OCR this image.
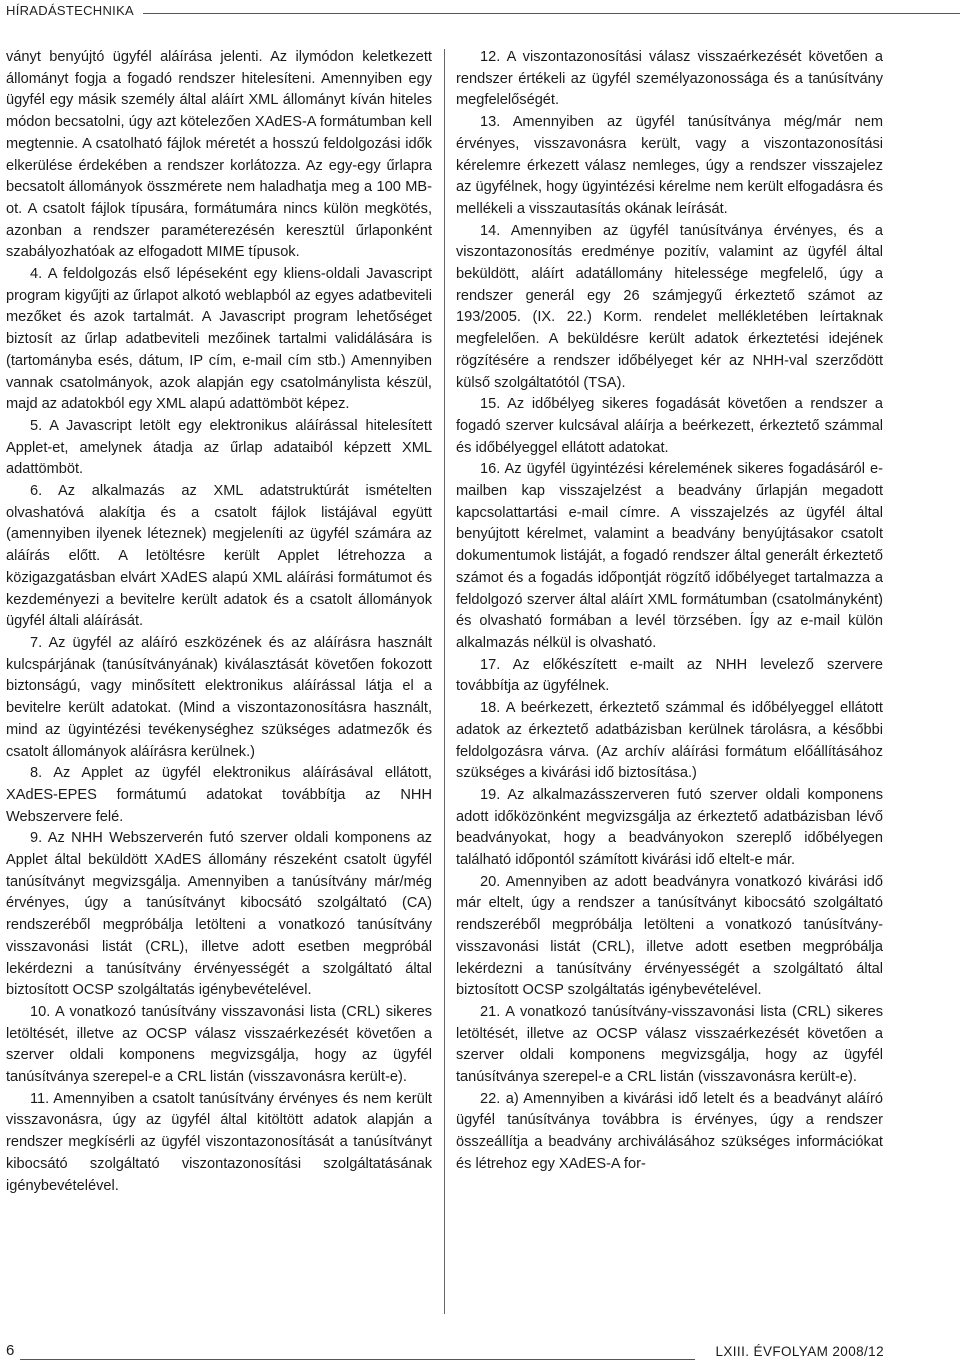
HÍRADÁSTECHNIKA

ványt benyújtó ügyfél aláírása jelenti. Az ilymódon keletkezett állományt fogja a fogadó rendszer hitelesíteni. Amennyiben egy ügyfél egy másik személy által aláírt XML állományt kíván hiteles módon becsatolni, úgy azt kötelezően XAdES-A formátumban kell megtennie. A csatolható fájlok méretét a hosszú feldolgozási idők elkerülése érdekében a rendszer korlátozza. Az egy-egy űrlapra becsatolt állományok összmérete nem haladhatja meg a 100 MB-ot. A csatolt fájlok típusára, formátumára nincs külön megkötés, azonban a rendszer paraméterezésén keresztül űrlaponként szabályozhatóak az elfogadott MIME típusok.

4. A feldolgozás első lépéseként egy kliens-oldali Javascript program kigyűjti az űrlapot alkotó weblapból az egyes adatbeviteli mezőket és azok tartalmát. A Javascript program lehetőséget biztosít az űrlap adatbeviteli mezőinek tartalmi validálására is (tartományba esés, dátum, IP cím, e-mail cím stb.) Amennyiben vannak csatolmányok, azok alapján egy csatolmánylista készül, majd az adatokból egy XML alapú adattömböt képez.

5. A Javascript letölt egy elektronikus aláírással hitelesített Applet-et, amelynek átadja az űrlap adataiból képzett XML adattömböt.

6. Az alkalmazás az XML adatstruktúrát ismételten olvashatóvá alakítja és a csatolt fájlok listájával együtt (amennyiben ilyenek léteznek) megjeleníti az ügyfél számára az aláírás előtt. A letöltésre került Applet létrehozza a közigazgatásban elvárt XAdES alapú XML aláírási formátumot és kezdeményezi a bevitelre került adatok és a csatolt állományok ügyfél általi aláírását.

7. Az ügyfél az aláíró eszközének és az aláírásra használt kulcspárjának (tanúsítványának) kiválasztását követően fokozott biztonságú, vagy minősített elektronikus aláírással látja el a bevitelre került adatokat. (Mind a viszontazonosításra használt, mind az ügyintézési tevékenységhez szükséges adatmezők és csatolt állományok aláírásra kerülnek.)

8. Az Applet az ügyfél elektronikus aláírásával ellátott, XAdES-EPES formátumú adatokat továbbítja az NHH Webszervere felé.

9. Az NHH Webszerverén futó szerver oldali komponens az Applet által beküldött XAdES állomány részeként csatolt ügyfél tanúsítványt megvizsgálja. Amennyiben a tanúsítvány már/még érvényes, úgy a tanúsítványt kibocsátó szolgáltató (CA) rendszeréből megpróbálja letölteni a vonatkozó tanúsítvány visszavonási listát (CRL), illetve adott esetben megpróbál lekérdezni a tanúsítvány érvényességét a szolgáltató által biztosított OCSP szolgáltatás igénybevételével.

10. A vonatkozó tanúsítvány visszavonási lista (CRL) sikeres letöltését, illetve az OCSP válasz visszaérkezését követően a szerver oldali komponens megvizsgálja, hogy az ügyfél tanúsítványa szerepel-e a CRL listán (visszavonásra került-e).

11. Amennyiben a csatolt tanúsítvány érvényes és nem került visszavonásra, úgy az ügyfél által kitöltött adatok alapján a rendszer megkísérli az ügyfél viszontazonosítását a tanúsítványt kibocsátó szolgáltató viszontazonosítási szolgáltatásának igénybevételével.

12. A viszontazonosítási válasz visszaérkezését követően a rendszer értékeli az ügyfél személyazonossága és a tanúsítvány megfelelőségét.

13. Amennyiben az ügyfél tanúsítványa még/már nem érvényes, visszavonásra került, vagy a viszontazonosítási kérelemre érkezett válasz nemleges, úgy a rendszer visszajelez az ügyfélnek, hogy ügyintézési kérelme nem került elfogadásra és mellékeli a visszautasítás okának leírását.

14. Amennyiben az ügyfél tanúsítványa érvényes, és a viszontazonosítás eredménye pozitív, valamint az ügyfél által beküldött, aláírt adatállomány hitelessége megfelelő, úgy a rendszer generál egy 26 számjegyű érkeztető számot az 193/2005. (IX. 22.) Korm. rendelet mellékletében leírtaknak megfelelően. A beküldésre került adatok érkeztetési idejének rögzítésére a rendszer időbélyeget kér az NHH-val szerződött külső szolgáltatótól (TSA).

15. Az időbélyeg sikeres fogadását követően a rendszer a fogadó szerver kulcsával aláírja a beérkezett, érkeztető számmal és időbélyeggel ellátott adatokat.

16. Az ügyfél ügyintézési kérelemének sikeres fogadásáról e-mailben kap visszajelzést a beadvány űrlapján megadott kapcsolattartási e-mail címre. A visszajelzés az ügyfél által benyújtott kérelmet, valamint a beadvány benyújtásakor csatolt dokumentumok listáját, a fogadó rendszer által generált érkeztető számot és a fogadás időpontját rögzítő időbélyeget tartalmazza a feldolgozó szerver által aláírt XML formátumban (csatolmányként) és olvasható formában a levél törzsében. Így az e-mail külön alkalmazás nélkül is olvasható.

17. Az előkészített e-mailt az NHH levelező szervere továbbítja az ügyfélnek.

18. A beérkezett, érkeztető számmal és időbélyeggel ellátott adatok az érkeztető adatbázisban kerülnek tárolásra, a későbbi feldolgozásra várva. (Az archív aláírási formátum előállításához szükséges a kivárási idő biztosítása.)

19. Az alkalmazásszerveren futó szerver oldali komponens adott időközönként megvizsgálja az érkeztető adatbázisban lévő beadványokat, hogy a beadványokon szereplő időbélyegen található időpontól számított kivárási idő eltelt-e már.

20. Amennyiben az adott beadványra vonatkozó kivárási idő már eltelt, úgy a rendszer a tanúsítványt kibocsátó szolgáltató rendszeréből megpróbálja letölteni a vonatkozó tanúsítvány-visszavonási listát (CRL), illetve adott esetben megpróbálja lekérdezni a tanúsítvány érvényességét a szolgáltató által biztosított OCSP szolgáltatás igénybevételével.

21. A vonatkozó tanúsítvány-visszavonási lista (CRL) sikeres letöltését, illetve az OCSP válasz visszaérkezését követően a szerver oldali komponens megvizsgálja, hogy az ügyfél tanúsítványa szerepel-e a CRL listán (visszavonásra került-e).

22. a) Amennyiben a kivárási idő letelt és a beadványt aláíró ügyfél tanúsítványa továbbra is érvényes, úgy a rendszer összeállítja a beadvány archiválásához szükséges információkat és létrehoz egy XAdES-A for-

6	LXIII. ÉVFOLYAM 2008/12
